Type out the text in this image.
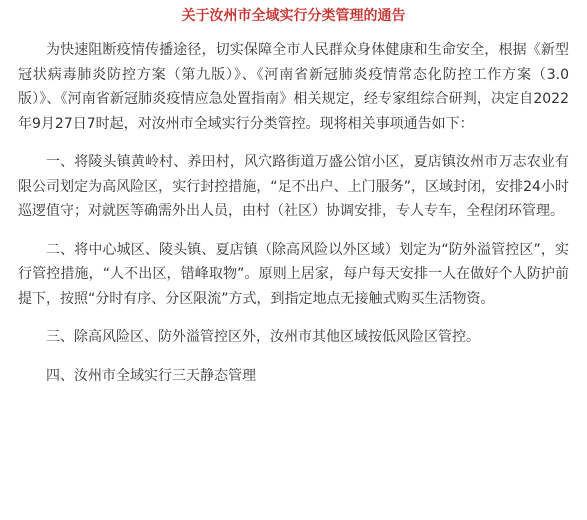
关于汝州市全域实行分类管理的通告

为快速阻断疫情传播途径，切实保障全市人民群众身体健康和生命安全，根据《新型冠状病毒肺炎防控方案（第九版）》、《河南省新冠肺炎疫情常态化防控工作方案（3.0版）》、《河南省新冠肺炎疫情应急处置指南》相关规定，经专家组综合研判，决定自2022年9月27日7时起，对汝州市全域实行分类管控。现将相关事项通告如下：

一、将陵头镇黄岭村、养田村，风穴路街道万盛公馆小区，夏店镇汝州市万志农业有限公司划定为高风险区，实行封控措施，“足不出户、上门服务”，区域封闭，安排24小时巡逻值守；对就医等确需外出人员，由村（社区）协调安排，专人专车，全程闭环管理。

二、将中心城区、陵头镇、夏店镇（除高风险以外区域）划定为“防外溢管控区”，实行管控措施，“人不出区，错峰取物”。原则上居家，每户每天安排一人在做好个人防护前提下，按照“分时有序、分区限流”方式，到指定地点无接触式购买生活物资。

三、除高风险区、防外溢管控区外，汝州市其他区域按低风险区管控。

四、汝州市全域实行三天静态管理
